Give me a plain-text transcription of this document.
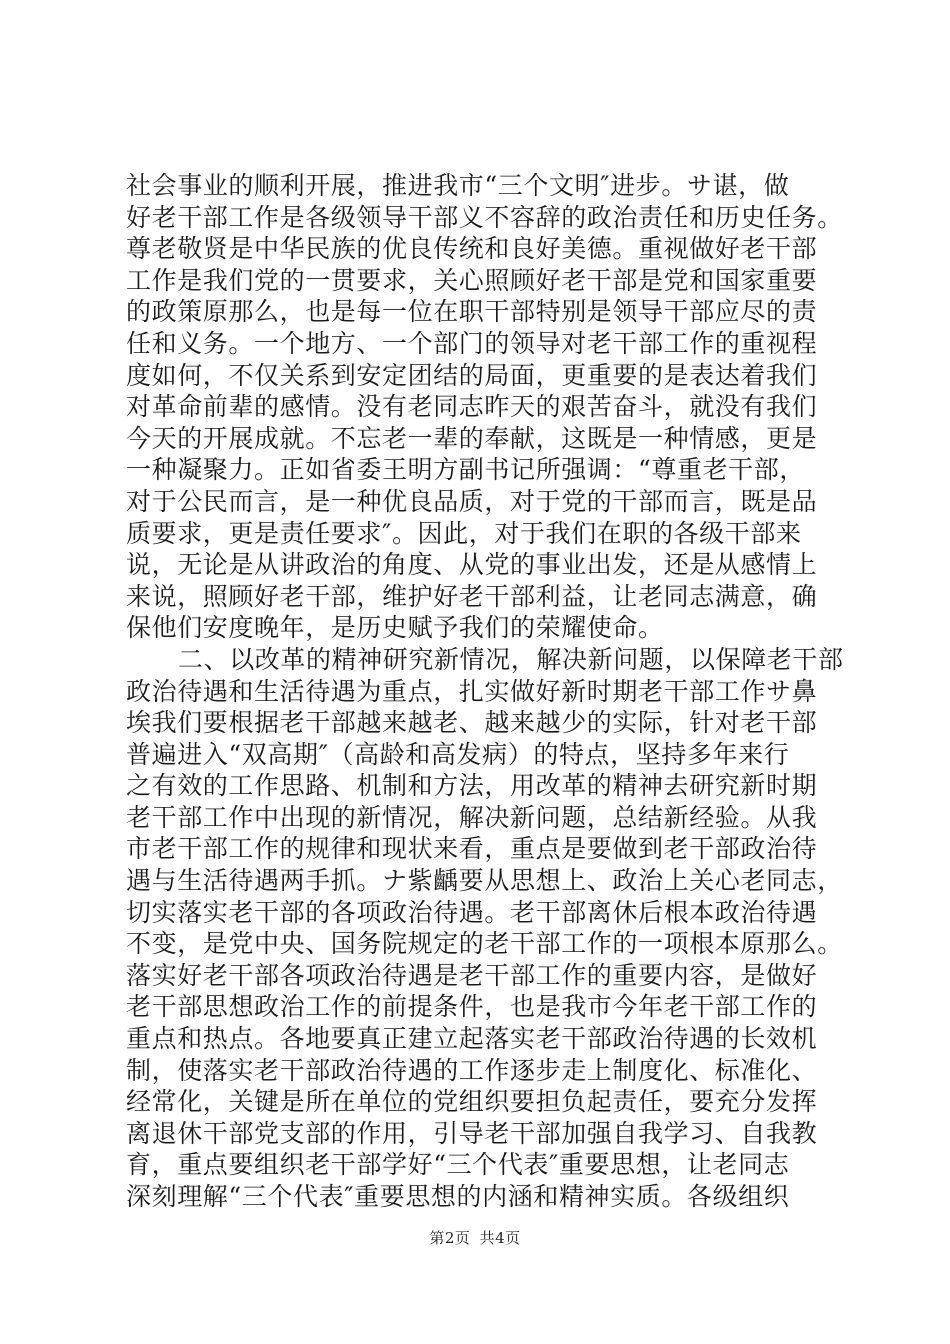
社会事业的顺利开展，推进我市“三个文明″进步。サ谌，做
好老干部工作是各级领导干部义不容辞的政治责任和历史任务。
尊老敬贤是中华民族的优良传统和良好美德。重视做好老干部
工作是我们党的一贯要求，关心照顾好老干部是党和国家重要
的政策原那么，也是每一位在职干部特别是领导干部应尽的责
任和义务。一个地方、一个部门的领导对老干部工作的重视程
度如何，不仅关系到安定团结的局面，更重要的是表达着我们
对革命前辈的感情。没有老同志昨天的艰苦奋斗，就没有我们
今天的开展成就。不忘老一辈的奉献，这既是一种情感，更是
一种凝聚力。正如省委王明方副书记所强调：“尊重老干部，
对于公民而言，是一种优良品质，对于党的干部而言，既是品
质要求，更是责任要求″。因此，对于我们在职的各级干部来
说，无论是从讲政治的角度、从党的事业出发，还是从感情上
来说，照顾好老干部，维护好老干部利益，让老同志满意，确
保他们安度晚年，是历史赋予我们的荣耀使命。
二、以改革的精神研究新情况，解决新问题，以保障老干部
政治待遇和生活待遇为重点，扎实做好新时期老干部工作サ鼻
埃我们要根据老干部越来越老、越来越少的实际，针对老干部
普遍进入“双高期″（高龄和高发病）的特点，坚持多年来行
之有效的工作思路、机制和方法，用改革的精神去研究新时期
老干部工作中出现的新情况，解决新问题，总结新经验。从我
市老干部工作的规律和现状来看，重点是要做到老干部政治待
遇与生活待遇两手抓。ナ紫齲要从思想上、政治上关心老同志，
切实落实老干部的各项政治待遇。老干部离休后根本政治待遇
不变，是党中央、国务院规定的老干部工作的一项根本原那么。
落实好老干部各项政治待遇是老干部工作的重要内容，是做好
老干部思想政治工作的前提条件，也是我市今年老干部工作的
重点和热点。各地要真正建立起落实老干部政治待遇的长效机
制，使落实老干部政治待遇的工作逐步走上制度化、标准化、
经常化，关键是所在单位的党组织要担负起责任，要充分发挥
离退休干部党支部的作用，引导老干部加强自我学习、自我教
育，重点要组织老干部学好“三个代表″重要思想，让老同志
深刻理解“三个代表″重要思想的内涵和精神实质。各级组织
第2页 共4页
